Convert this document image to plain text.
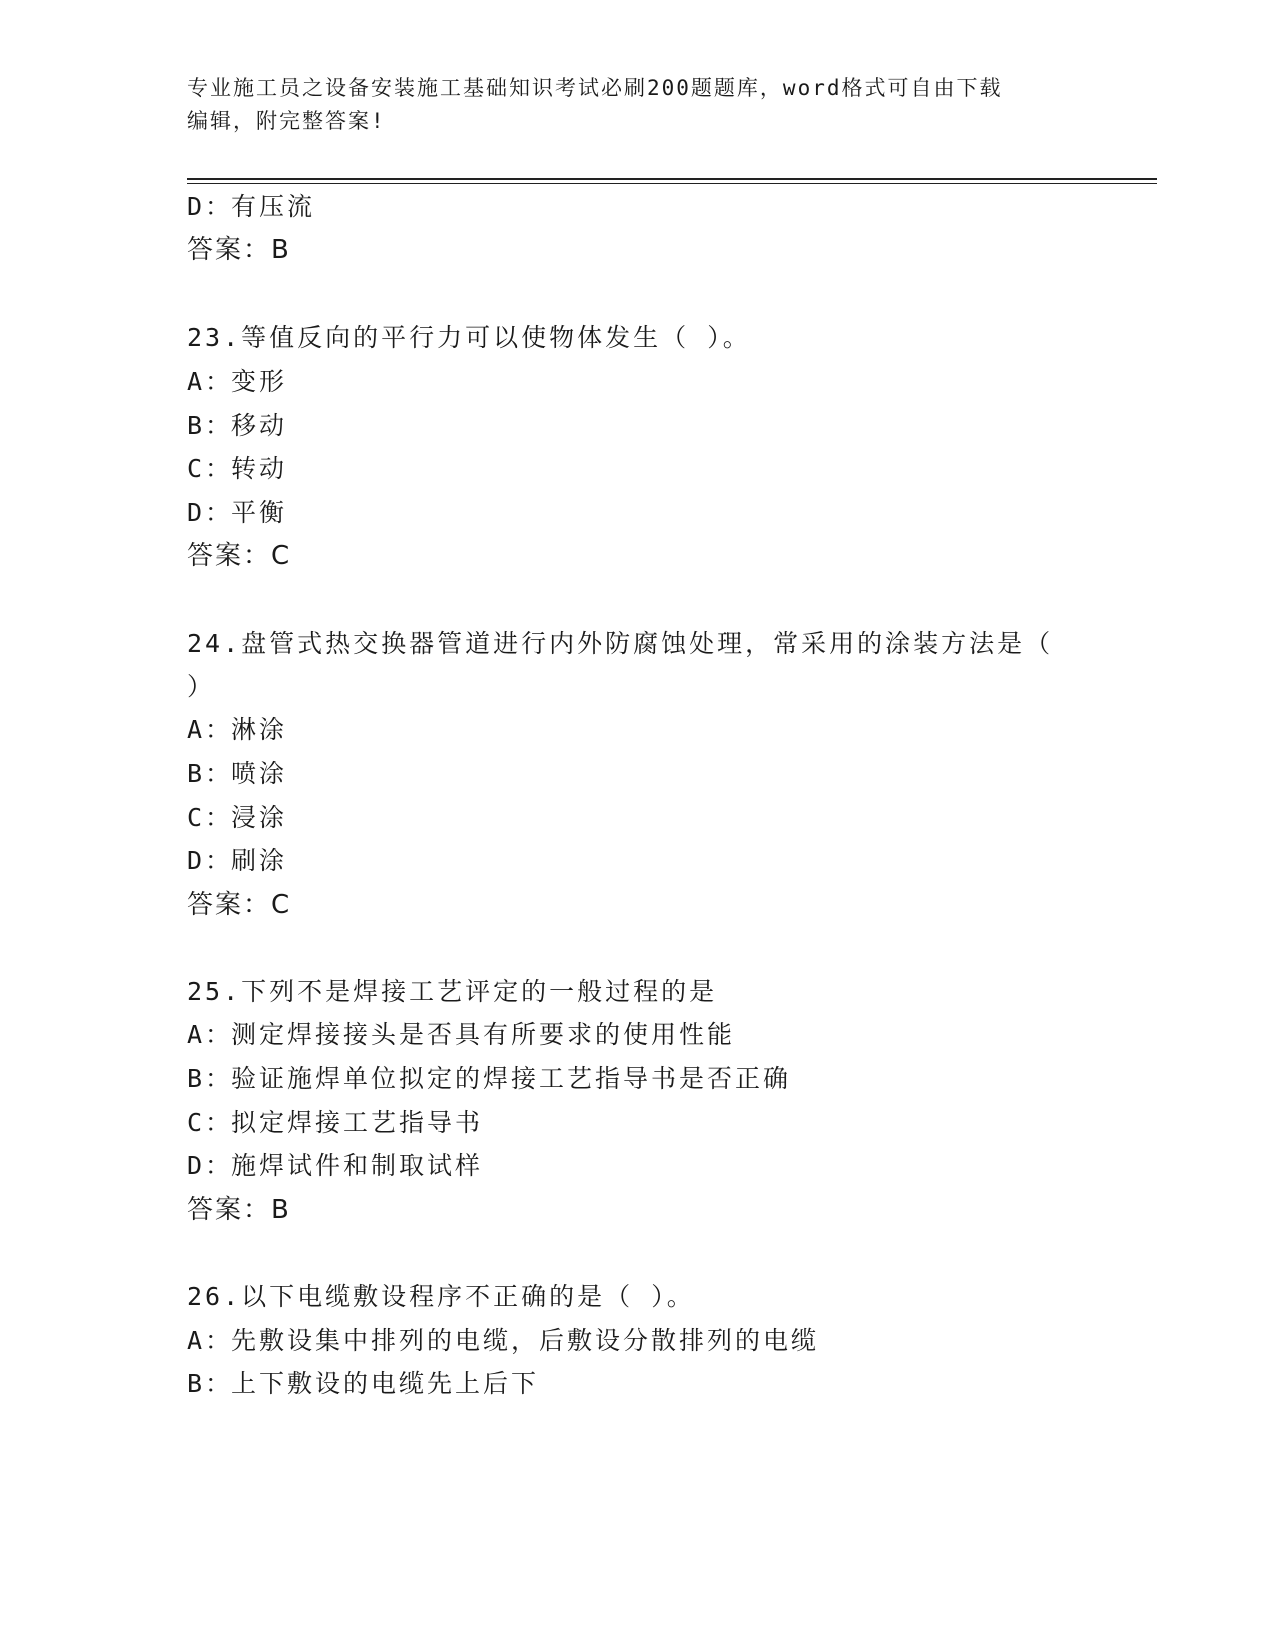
专业施工员之设备安装施工基础知识考试必刷200题题库，word格式可自由下载
编辑，附完整答案!
D：有压流
答案：B
23.等值反向的平行力可以使物体发生（ ）。
A：变形
B：移动
C：转动
D：平衡
答案：C
24.盘管式热交换器管道进行内外防腐蚀处理，常采用的涂装方法是（
）
A：淋涂
B：喷涂
C：浸涂
D：刷涂
答案：C
25.下列不是焊接工艺评定的一般过程的是
A：测定焊接接头是否具有所要求的使用性能
B：验证施焊单位拟定的焊接工艺指导书是否正确
C：拟定焊接工艺指导书
D：施焊试件和制取试样
答案：B
26.以下电缆敷设程序不正确的是（ ）。
A：先敷设集中排列的电缆，后敷设分散排列的电缆
B：上下敷设的电缆先上后下
